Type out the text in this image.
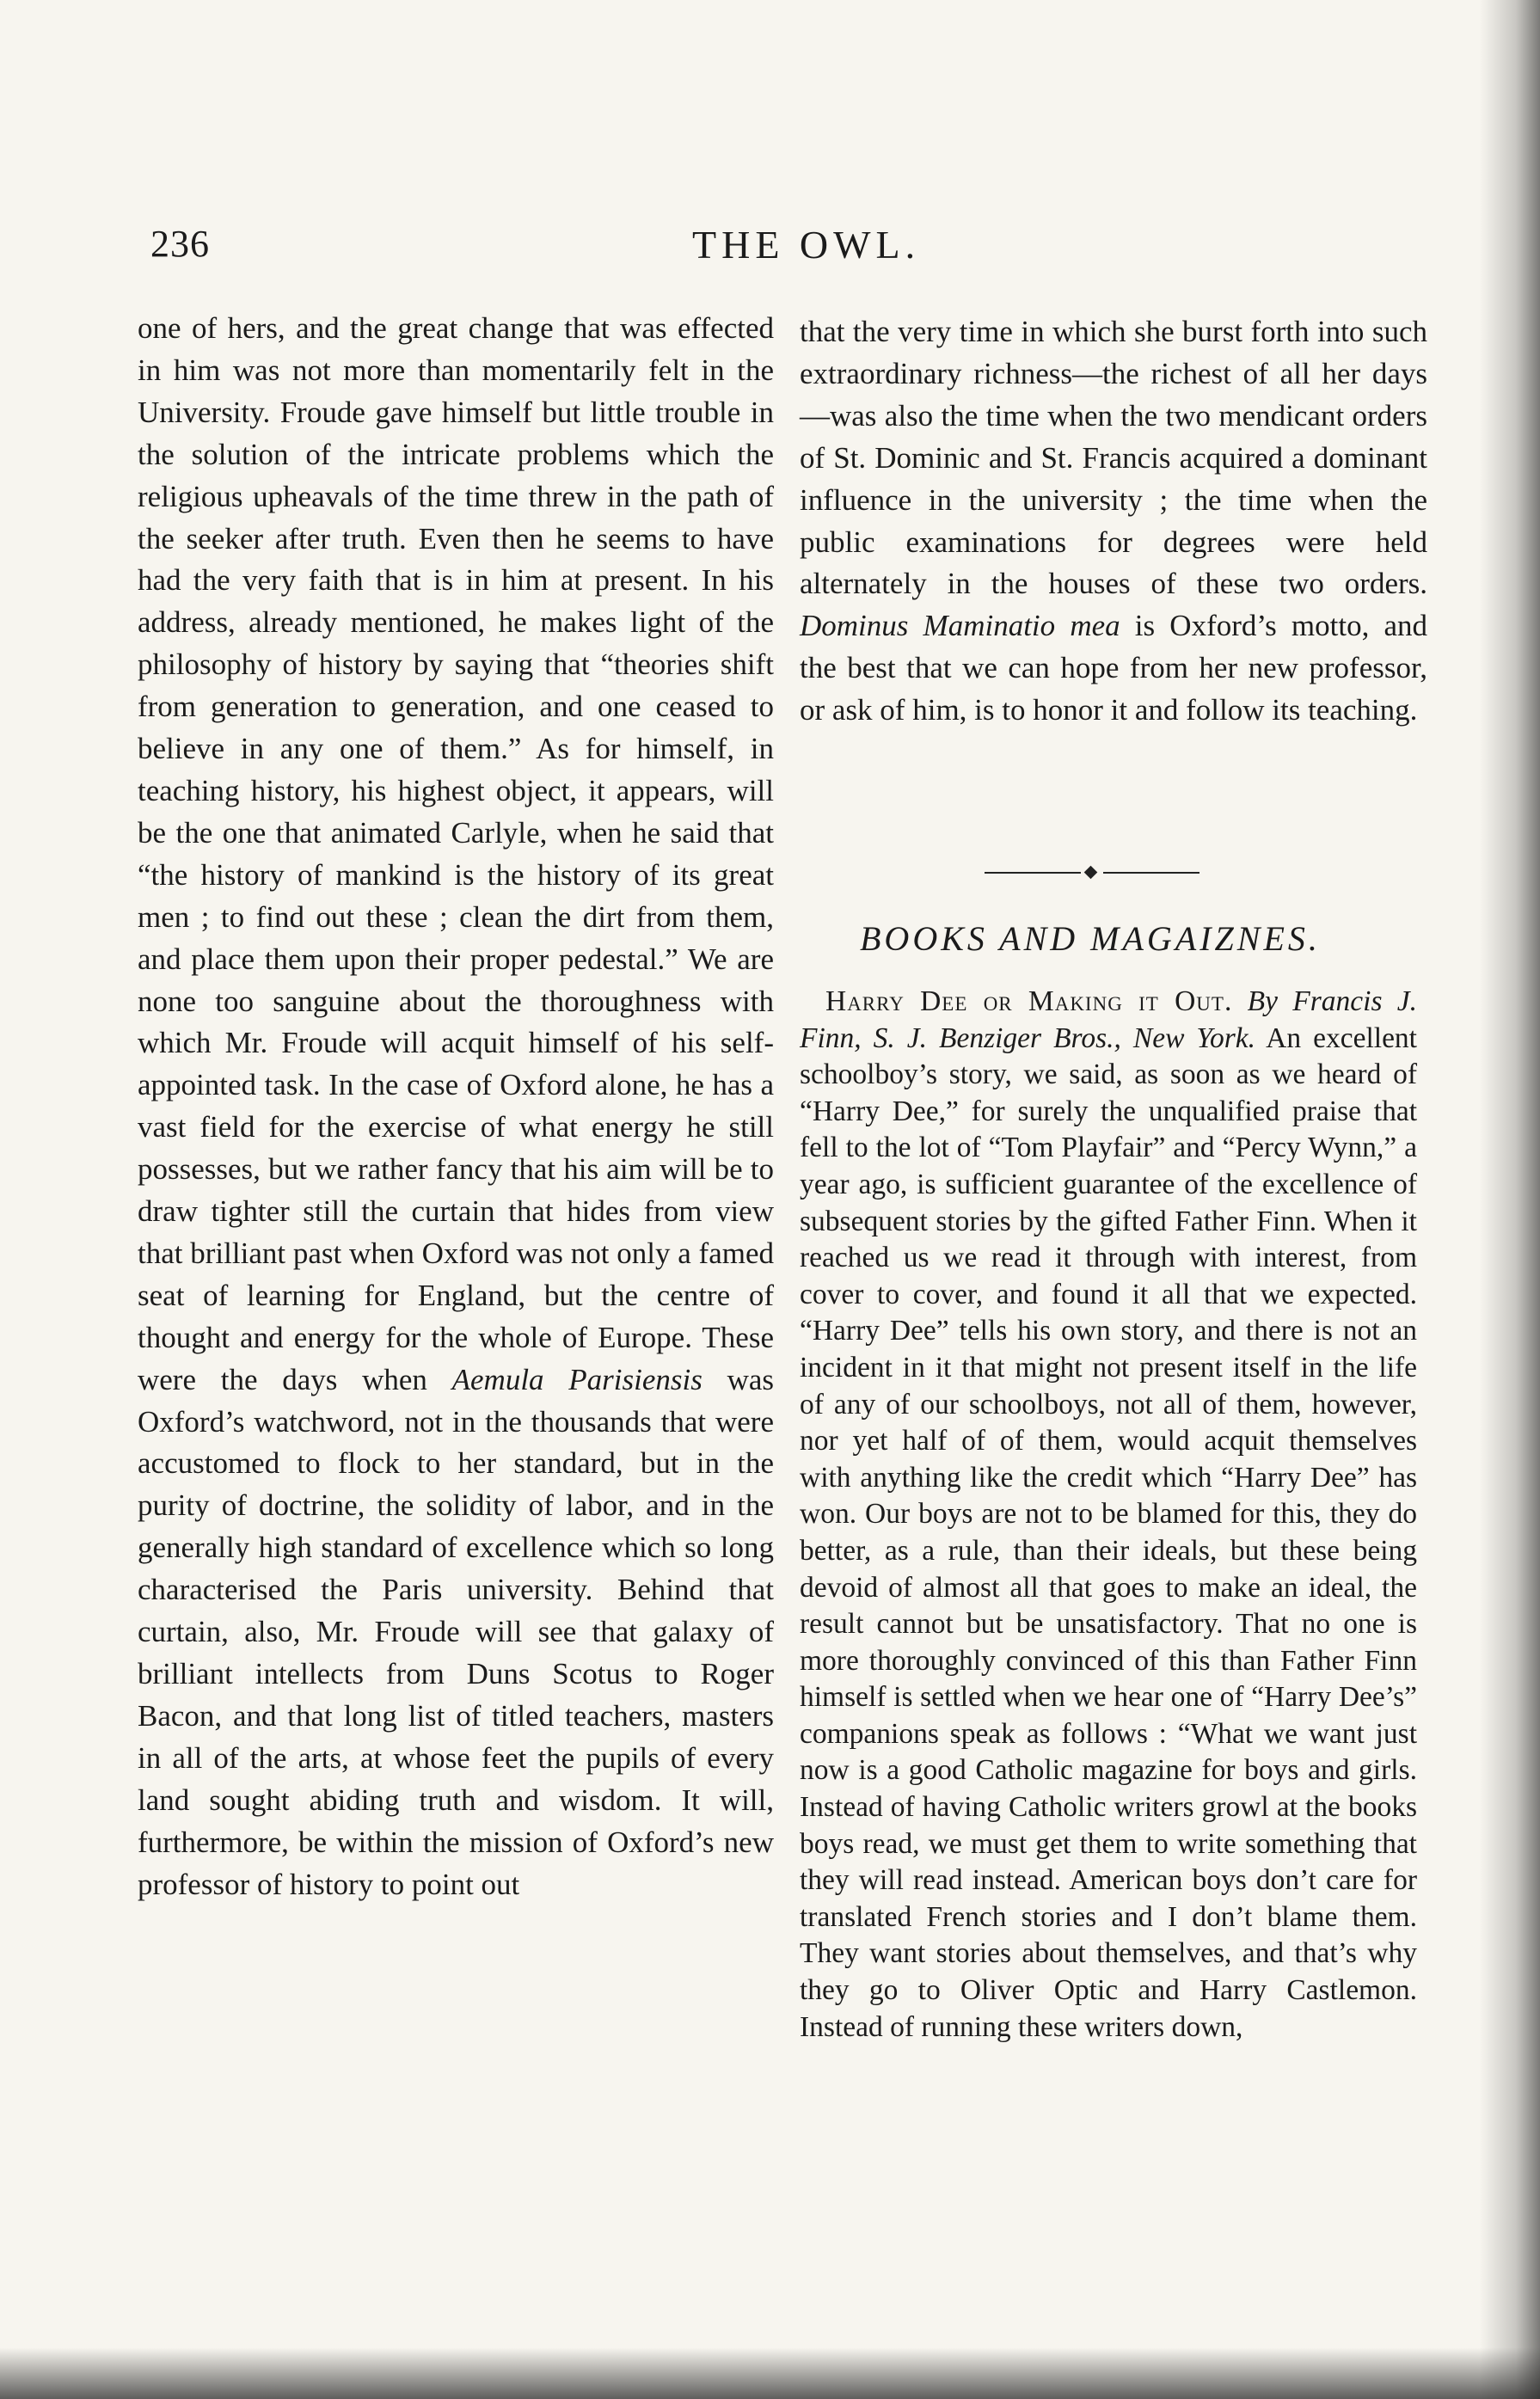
236	THE OWL.

one of hers, and the great change that was effected in him was not more than momentarily felt in the University. Froude gave himself but little trouble in the solution of the intricate problems which the religious upheavals of the time threw in the path of the seeker after truth. Even then he seems to have had the very faith that is in him at present. In his address, already mentioned, he makes light of the philosophy of history by saying that “theories shift from generation to generation, and one ceased to believe in any one of them.” As for himself, in teaching history, his highest object, it appears, will be the one that animated Carlyle, when he said that “the history of mankind is the history of its great men ; to find out these ; clean the dirt from them, and place them upon their proper pedestal.” We are none too sanguine about the thoroughness with which Mr. Froude will acquit himself of his self-appointed task. In the case of Oxford alone, he has a vast field for the exercise of what energy he still possesses, but we rather fancy that his aim will be to draw tighter still the curtain that hides from view that brilliant past when Oxford was not only a famed seat of learning for England, but the centre of thought and energy for the whole of Europe. These were the days when Aemula Parisiensis was Oxford’s watchword, not in the thousands that were accustomed to flock to her standard, but in the purity of doctrine, the solidity of labor, and in the generally high standard of excellence which so long characterised the Paris university. Behind that curtain, also, Mr. Froude will see that galaxy of brilliant intellects from Duns Scotus to Roger Bacon, and that long list of titled teachers, masters in all of the arts, at whose feet the pupils of every land sought abiding truth and wisdom. It will, furthermore, be within the mission of Oxford’s new professor of history to point out

that the very time in which she burst forth into such extraordinary richness—the richest of all her days—was also the time when the two mendicant orders of St. Dominic and St. Francis acquired a dominant influence in the university ; the time when the public examinations for degrees were held alternately in the houses of these two orders. Dominus Maminatio mea is Oxford’s motto, and the best that we can hope from her new professor, or ask of him, is to honor it and follow its teaching.

BOOKS AND MAGAIZNES.
Harry Dee or Making it Out. By Francis J. Finn, S. J. Benziger Bros., New York. An excellent schoolboy’s story, we said, as soon as we heard of “Harry Dee,” for surely the unqualified praise that fell to the lot of “Tom Playfair” and “Percy Wynn,” a year ago, is sufficient guarantee of the excellence of subsequent stories by the gifted Father Finn. When it reached us we read it through with interest, from cover to cover, and found it all that we expected. “Harry Dee” tells his own story, and there is not an incident in it that might not present itself in the life of any of our schoolboys, not all of them, however, nor yet half of of them, would acquit themselves with anything like the credit which “Harry Dee” has won. Our boys are not to be blamed for this, they do better, as a rule, than their ideals, but these being devoid of almost all that goes to make an ideal, the result cannot but be unsatisfactory. That no one is more thoroughly convinced of this than Father Finn himself is settled when we hear one of “Harry Dee’s” companions speak as follows : “What we want just now is a good Catholic magazine for boys and girls. Instead of having Catholic writers growl at the books boys read, we must get them to write something that they will read instead. American boys don’t care for translated French stories and I don’t blame them. They want stories about themselves, and that’s why they go to Oliver Optic and Harry Castlemon. Instead of running these writers down,
